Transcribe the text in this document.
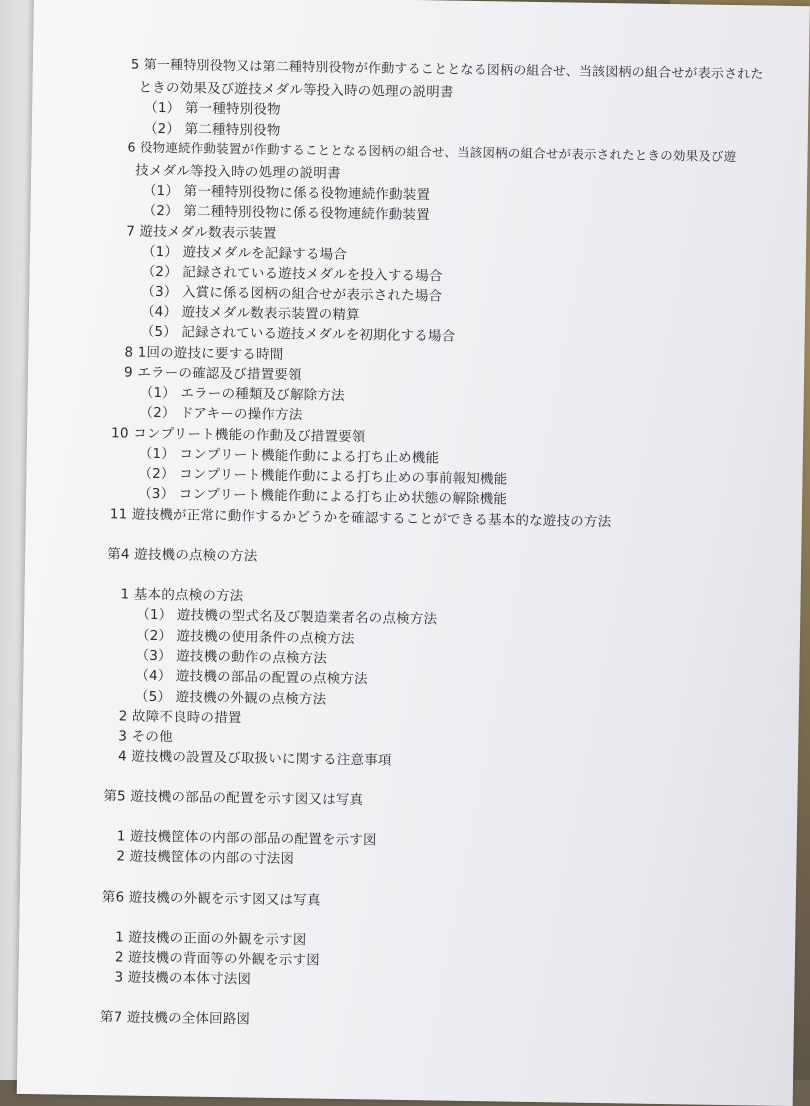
5 第一種特別役物又は第二種特別役物が作動することとなる図柄の組合せ、当該図柄の組合せが表示された
ときの効果及び遊技メダル等投入時の処理の説明書
（1） 第一種特別役物
（2） 第二種特別役物
6 役物連続作動装置が作動することとなる図柄の組合せ、当該図柄の組合せが表示されたときの効果及び遊
技メダル等投入時の処理の説明書
（1） 第一種特別役物に係る役物連続作動装置
（2） 第二種特別役物に係る役物連続作動装置
7 遊技メダル数表示装置
（1） 遊技メダルを記録する場合
（2） 記録されている遊技メダルを投入する場合
（3） 入賞に係る図柄の組合せが表示された場合
（4） 遊技メダル数表示装置の精算
（5） 記録されている遊技メダルを初期化する場合
8 1回の遊技に要する時間
9 エラーの確認及び措置要領
（1） エラーの種類及び解除方法
（2） ドアキーの操作方法
10 コンプリート機能の作動及び措置要領
（1） コンプリート機能作動による打ち止め機能
（2） コンプリート機能作動による打ち止めの事前報知機能
（3） コンプリート機能作動による打ち止め状態の解除機能
11 遊技機が正常に動作するかどうかを確認することができる基本的な遊技の方法
第4 遊技機の点検の方法
1 基本的点検の方法
（1） 遊技機の型式名及び製造業者名の点検方法
（2） 遊技機の使用条件の点検方法
（3） 遊技機の動作の点検方法
（4） 遊技機の部品の配置の点検方法
（5） 遊技機の外観の点検方法
2 故障不良時の措置
3 その他
4 遊技機の設置及び取扱いに関する注意事項
第5 遊技機の部品の配置を示す図又は写真
1 遊技機筐体の内部の部品の配置を示す図
2 遊技機筐体の内部の寸法図
第6 遊技機の外観を示す図又は写真
1 遊技機の正面の外観を示す図
2 遊技機の背面等の外観を示す図
3 遊技機の本体寸法図
第7 遊技機の全体回路図
